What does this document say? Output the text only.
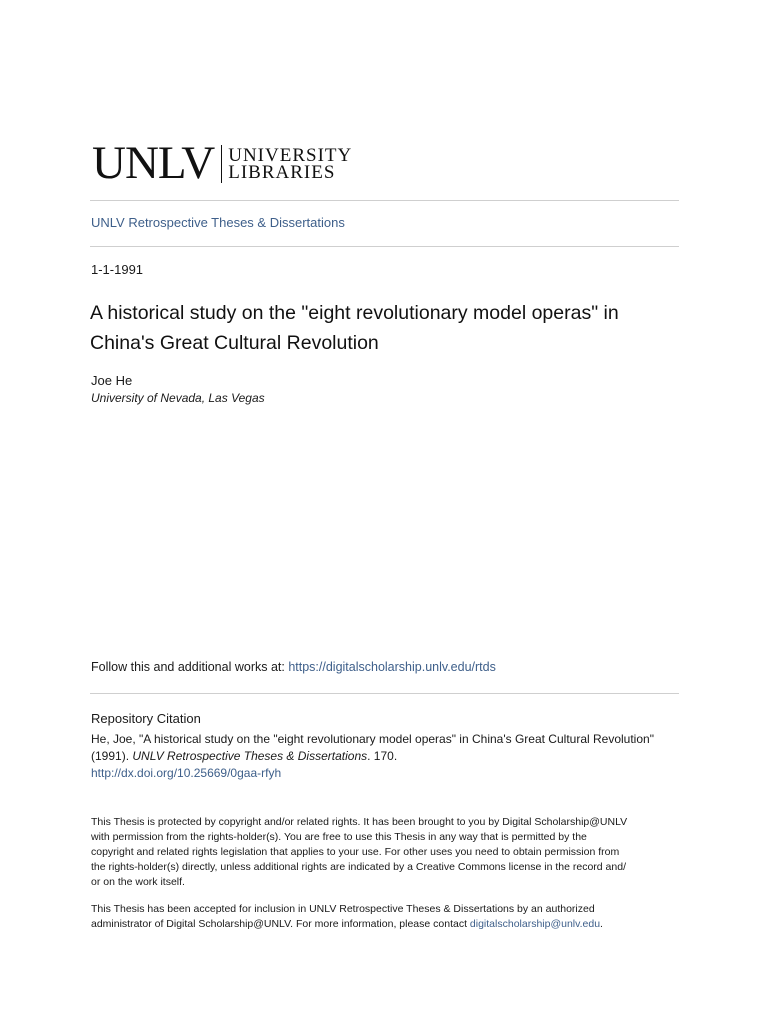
UNLV UNIVERSITY
LIBRARIES
UNLV Retrospective Theses & Dissertations
1-1-1991
A historical study on the "eight revolutionary model operas" in
China's Great Cultural Revolution
Joe He
University of Nevada, Las Vegas
Follow this and additional works at: https://digitalscholarship.unlv.edu/rtds
Repository Citation
He, Joe, "A historical study on the "eight revolutionary model operas" in China's Great Cultural Revolution"
(1991). UNLV Retrospective Theses & Dissertations. 170.
http://dx.doi.org/10.25669/0gaa-rfyh
This Thesis is protected by copyright and/or related rights. It has been brought to you by Digital Scholarship@UNLV
with permission from the rights-holder(s). You are free to use this Thesis in any way that is permitted by the
copyright and related rights legislation that applies to your use. For other uses you need to obtain permission from
the rights-holder(s) directly, unless additional rights are indicated by a Creative Commons license in the record and/
or on the work itself.
This Thesis has been accepted for inclusion in UNLV Retrospective Theses & Dissertations by an authorized
administrator of Digital Scholarship@UNLV. For more information, please contact digitalscholarship@unlv.edu.
